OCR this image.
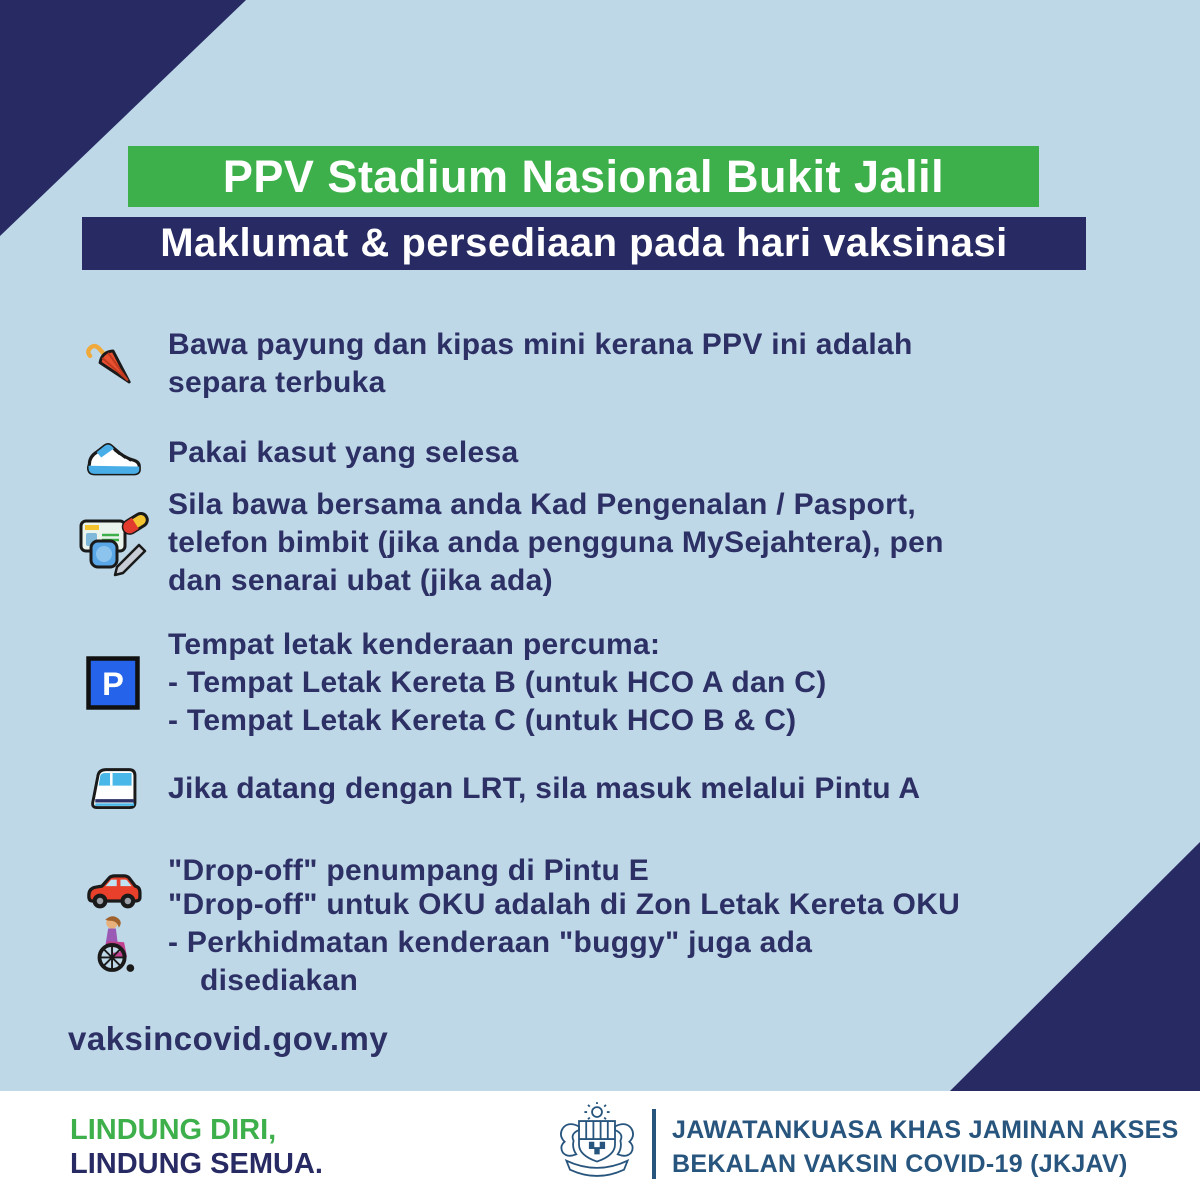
PPV Stadium Nasional Bukit Jalil
Maklumat & persediaan pada hari vaksinasi
Bawa payung dan kipas mini kerana PPV ini adalah
separa terbuka
Pakai kasut yang selesa
Sila bawa bersama anda Kad Pengenalan / Pasport,
telefon bimbit (jika anda pengguna MySejahtera), pen
dan senarai ubat (jika ada)
P
Tempat letak kenderaan percuma:
- Tempat Letak Kereta B (untuk HCO A dan C)
- Tempat Letak Kereta C (untuk HCO B & C)
Jika datang dengan LRT, sila masuk melalui Pintu A
"Drop-off" penumpang di Pintu E
"Drop-off" untuk OKU adalah di Zon Letak Kereta OKU
- Perkhidmatan kenderaan "buggy" juga ada
disediakan
vaksincovid.gov.my
LINDUNG DIRI,
LINDUNG SEMUA.
JAWATANKUASA KHAS JAMINAN AKSES
BEKALAN VAKSIN COVID-19 (JKJAV)
